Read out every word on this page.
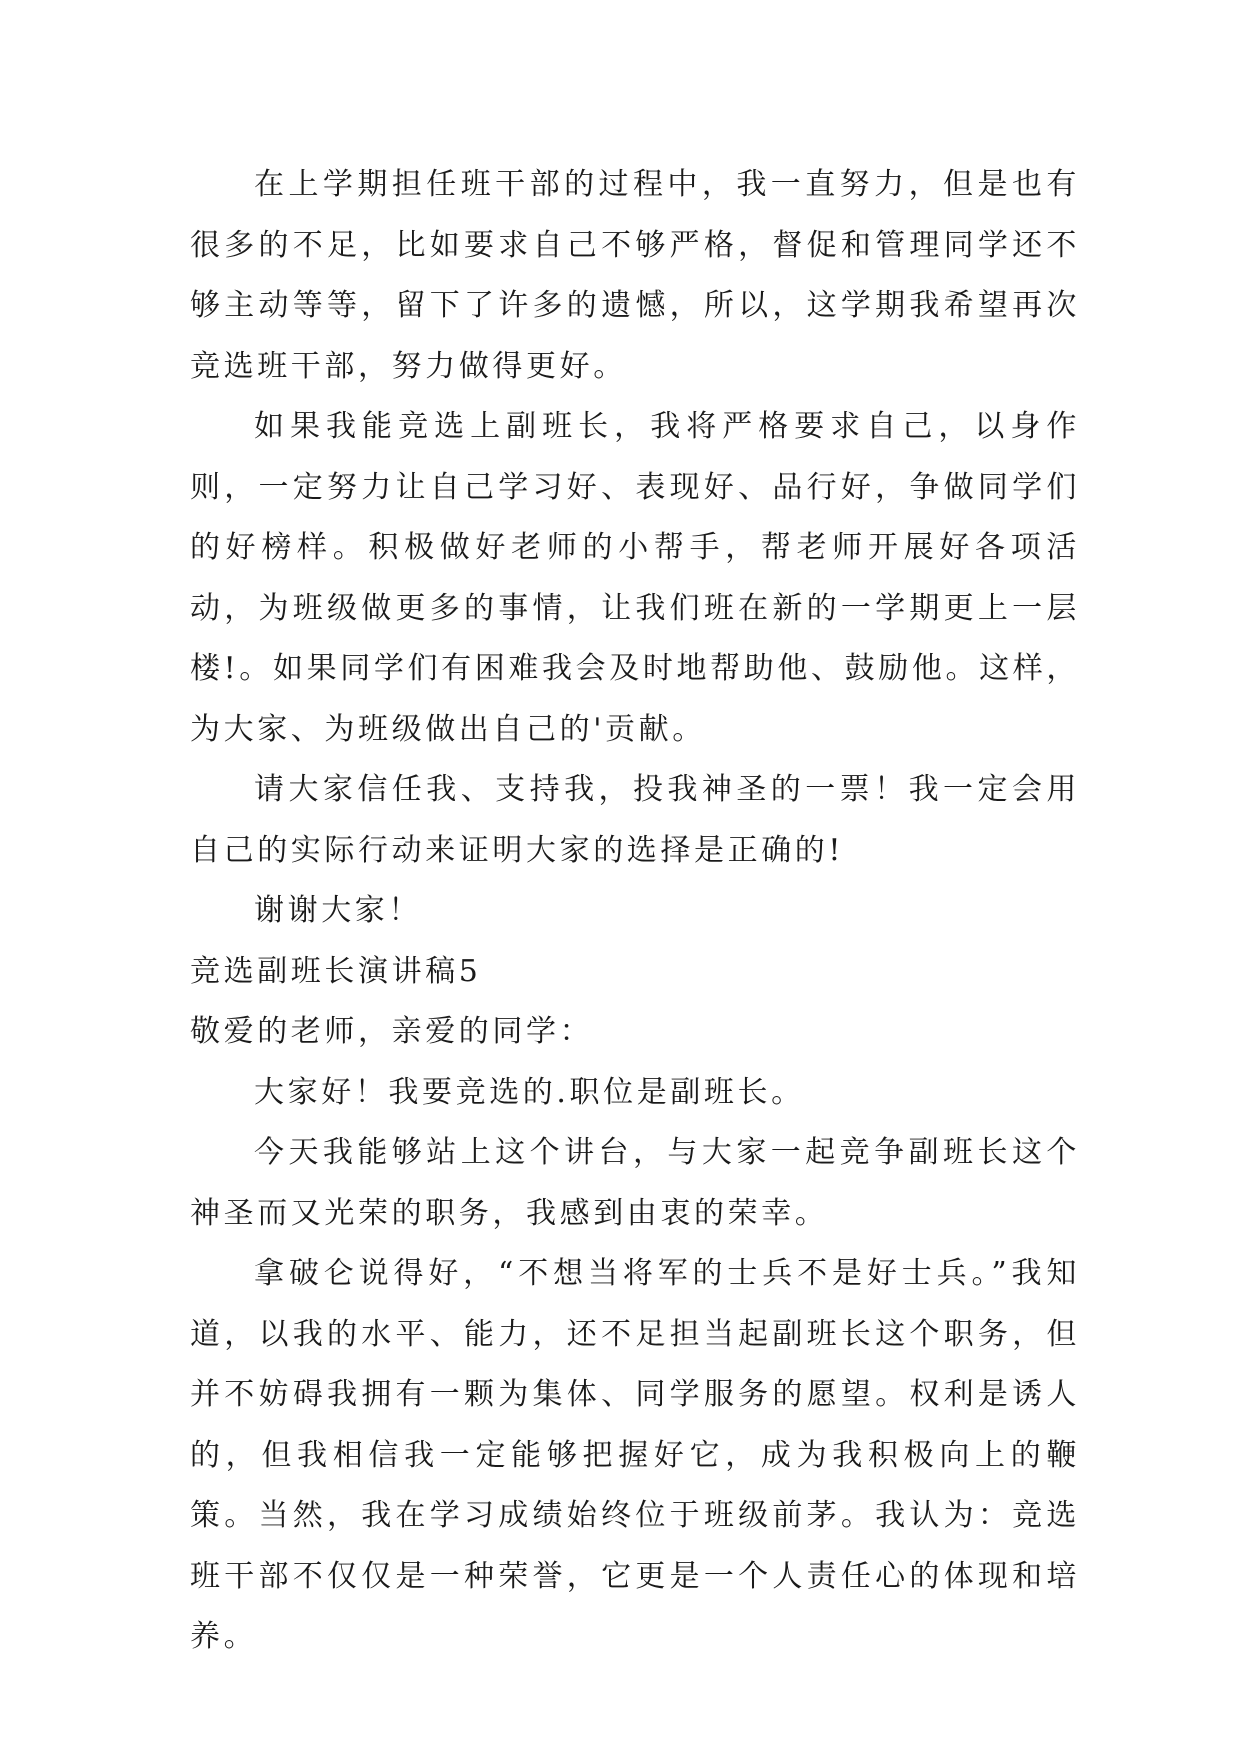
在上学期担任班干部的过程中，我一直努力，但是也有很多的不足，比如要求自己不够严格，督促和管理同学还不够主动等等，留下了许多的遗憾，所以，这学期我希望再次竞选班干部，努力做得更好。

如果我能竞选上副班长，我将严格要求自己，以身作则，一定努力让自己学习好、表现好、品行好，争做同学们的好榜样。积极做好老师的小帮手，帮老师开展好各项活动，为班级做更多的事情，让我们班在新的一学期更上一层楼!。如果同学们有困难我会及时地帮助他、鼓励他。这样，为大家、为班级做出自己的'贡献。

请大家信任我、支持我，投我神圣的一票！我一定会用自己的实际行动来证明大家的选择是正确的!

谢谢大家！

竞选副班长演讲稿5

敬爱的老师，亲爱的同学：

大家好！我要竞选的.职位是副班长。

今天我能够站上这个讲台，与大家一起竞争副班长这个神圣而又光荣的职务，我感到由衷的荣幸。

拿破仑说得好，“不想当将军的士兵不是好士兵。”我知道，以我的水平、能力，还不足担当起副班长这个职务，但并不妨碍我拥有一颗为集体、同学服务的愿望。权利是诱人的，但我相信我一定能够把握好它，成为我积极向上的鞭策。当然，我在学习成绩始终位于班级前茅。我认为：竞选班干部不仅仅是一种荣誉，它更是一个人责任心的体现和培养。
